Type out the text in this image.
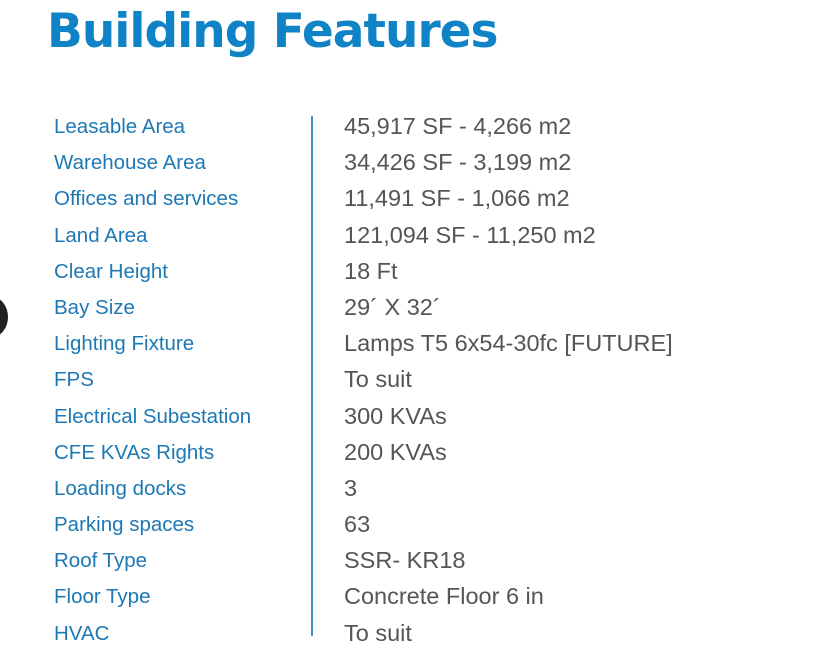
Building Features
Leasable Area	45,917 SF - 4,266 m2
Warehouse Area	34,426 SF - 3,199 m2
Offices and services	11,491 SF - 1,066 m2
Land Area	121,094 SF - 11,250 m2
Clear Height	18 Ft
Bay Size	29´ X 32´
Lighting Fixture	Lamps T5 6x54-30fc [FUTURE]
FPS	To suit
Electrical Subestation	300 KVAs
CFE KVAs Rights	200 KVAs
Loading docks	3
Parking spaces	63
Roof Type	SSR- KR18
Floor Type	Concrete Floor 6 in
HVAC	To suit
